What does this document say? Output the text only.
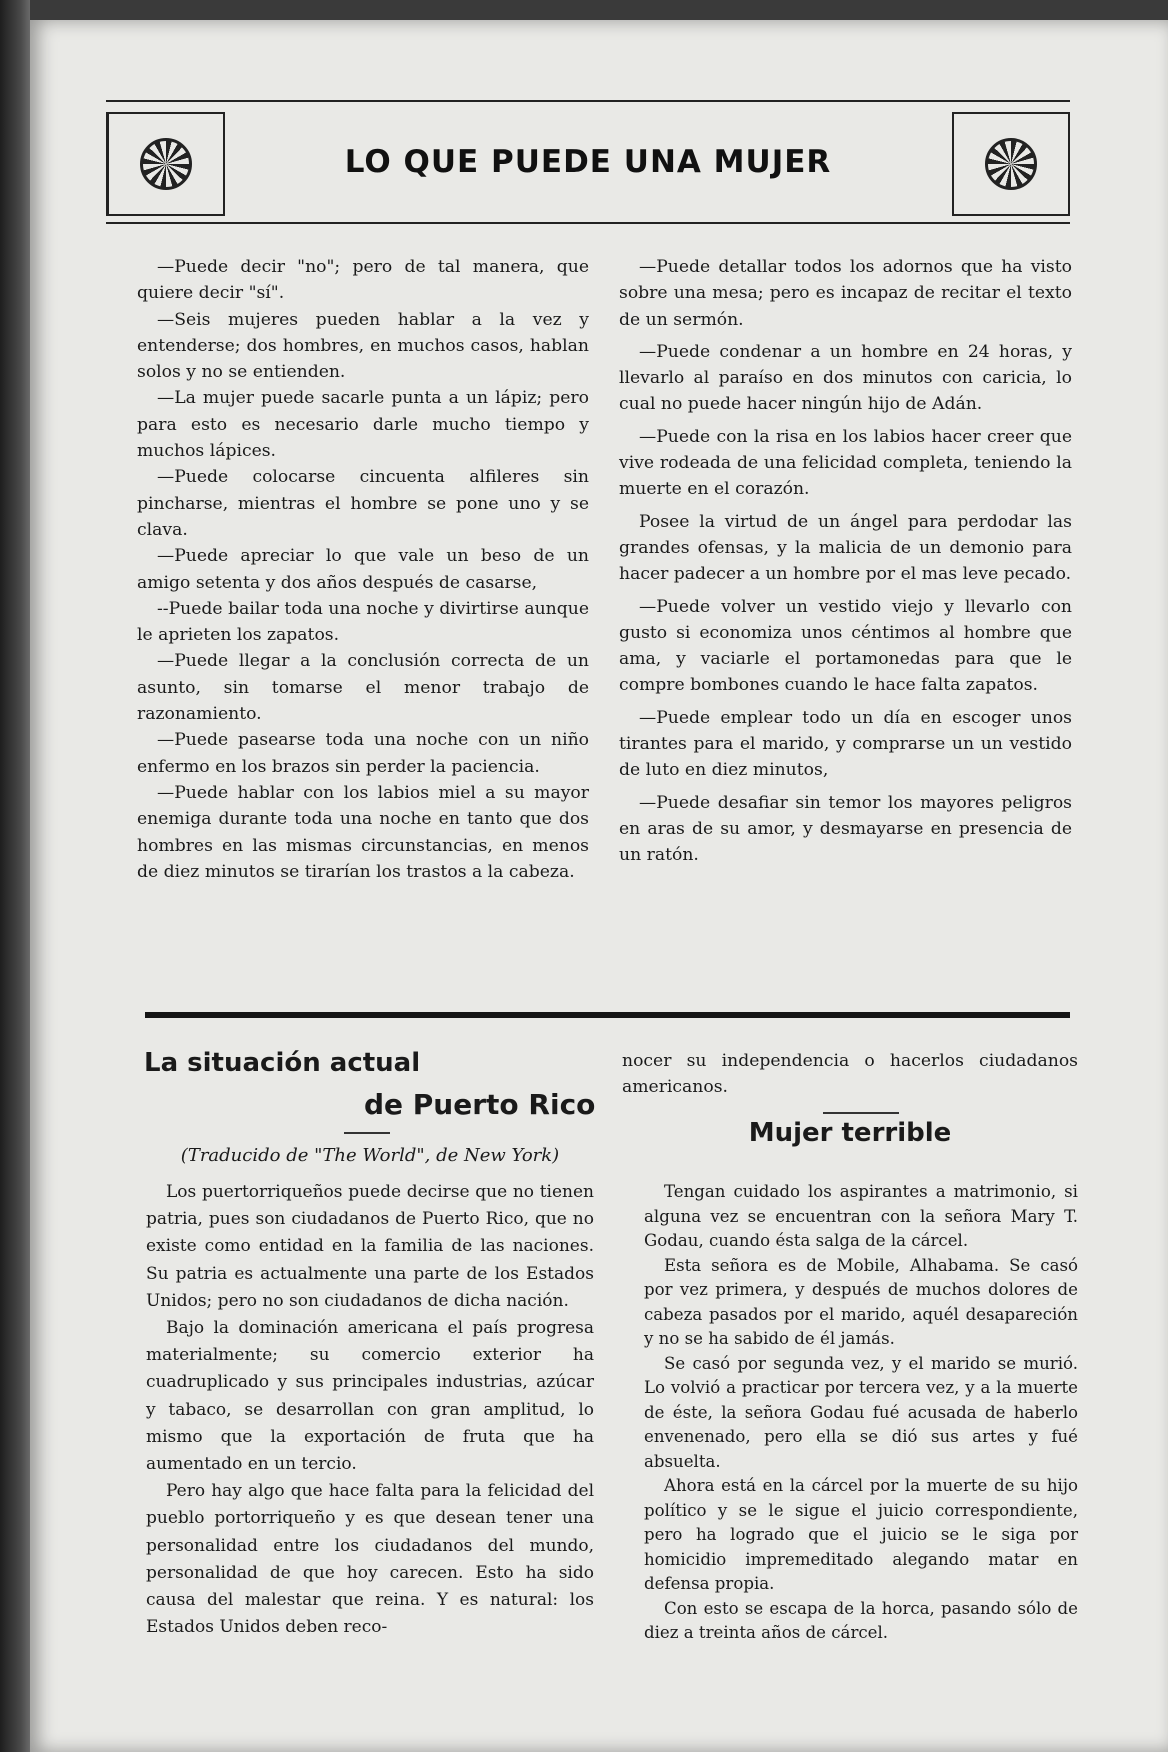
LO QUE PUEDE UNA MUJER

—Puede decir "no"; pero de tal manera, que quiere decir "sí".

—Seis mujeres pueden hablar a la vez y entenderse; dos hombres, en muchos casos, hablan solos y no se entienden.

—La mujer puede sacarle punta a un lápiz; pero para esto es necesario darle mucho tiempo y muchos lápices.

—Puede colocarse cincuenta alfileres sin pincharse, mientras el hombre se pone uno y se clava.

—Puede apreciar lo que vale un beso de un amigo setenta y dos años después de casarse,

--Puede bailar toda una noche y divirtirse aunque le aprieten los zapatos.

—Puede llegar a la conclusión correcta de un asunto, sin tomarse el menor trabajo de razonamiento.

—Puede pasearse toda una noche con un niño enfermo en los brazos sin perder la paciencia.

—Puede hablar con los labios miel a su mayor enemiga durante toda una noche en tanto que dos hombres en las mismas circunstancias, en menos de diez minutos se tirarían los trastos a la cabeza.

—Puede detallar todos los adornos que ha visto sobre una mesa; pero es incapaz de recitar el texto de un sermón.

—Puede condenar a un hombre en 24 horas, y llevarlo al paraíso en dos minutos con caricia, lo cual no puede hacer ningún hijo de Adán.

—Puede con la risa en los labios hacer creer que vive rodeada de una felicidad completa, teniendo la muerte en el corazón.

Posee la virtud de un ángel para perdodar las grandes ofensas, y la malicia de un demonio para hacer padecer a un hombre por el mas leve pecado.

—Puede volver un vestido viejo y llevarlo con gusto si economiza unos céntimos al hombre que ama, y vaciarle el portamonedas para que le compre bombones cuando le hace falta zapatos.

—Puede emplear todo un día en escoger unos tirantes para el marido, y comprarse un un vestido de luto en diez minutos,

—Puede desafiar sin temor los mayores peligros en aras de su amor, y desmayarse en presencia de un ratón.

La situación actual
de Puerto Rico

(Traducido de "The World", de New York)

Los puertorriqueños puede decirse que no tienen patria, pues son ciudadanos de Puerto Rico, que no existe como entidad en la familia de las naciones. Su patria es actualmente una parte de los Estados Unidos; pero no son ciudadanos de dicha nación.

Bajo la dominación americana el país progresa materialmente; su comercio exterior ha cuadruplicado y sus principales industrias, azúcar y tabaco, se desarrollan con gran amplitud, lo mismo que la exportación de fruta que ha aumentado en un tercio.

Pero hay algo que hace falta para la felicidad del pueblo portorriqueño y es que desean tener una personalidad entre los ciudadanos del mundo, personalidad de que hoy carecen. Esto ha sido causa del malestar que reina. Y es natural: los Estados Unidos deben reco-

nocer su independencia o hacerlos ciudadanos americanos.

Mujer terrible

Tengan cuidado los aspirantes a matrimonio, si alguna vez se encuentran con la señora Mary T. Godau, cuando ésta salga de la cárcel.

Esta señora es de Mobile, Alhabama. Se casó por vez primera, y después de muchos dolores de cabeza pasados por el marido, aquél desapareción y no se ha sabido de él jamás.

Se casó por segunda vez, y el marido se murió. Lo volvió a practicar por tercera vez, y a la muerte de éste, la señora Godau fué acusada de haberlo envenenado, pero ella se dió sus artes y fué absuelta.

Ahora está en la cárcel por la muerte de su hijo político y se le sigue el juicio correspondiente, pero ha logrado que el juicio se le siga por homicidio impremeditado alegando matar en defensa propia.

Con esto se escapa de la horca, pasando sólo de diez a treinta años de cárcel.
